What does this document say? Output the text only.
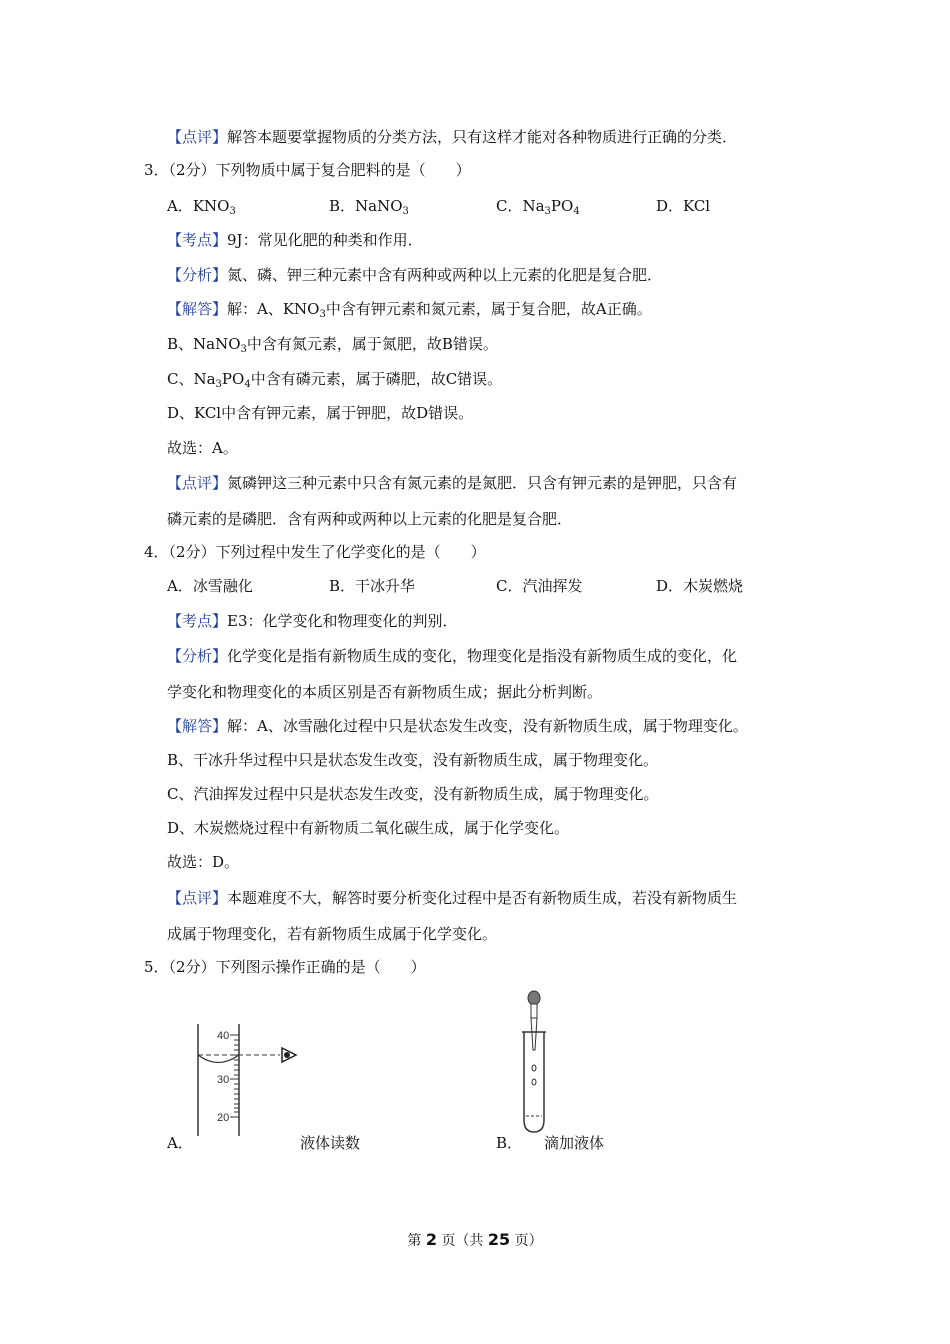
【点评】解答本题要掌握物质的分类方法，只有这样才能对各种物质进行正确的分类．
3．（2分）下列物质中属于复合肥料的是（　　）
A．$KNO_3$	B．NaNO$_3$	C．$Na_3PO_4$	D．KCl
【考点】9J：常见化肥的种类和作用．
【分析】氮、磷、钾三种元素中含有两种或两种以上元素的化肥是复合肥．
【解答】解：A、$KNO_3$中含有钾元素和氮元素，属于复合肥，故A正确。
B、NaNO$_3$中含有氮元素，属于氮肥，故B错误。
C、$Na_3PO_4$中含有磷元素，属于磷肥，故C错误。
D、KCl中含有钾元素，属于钾肥，故D错误。
故选：A。
【点评】氮磷钾这三种元素中只含有氮元素的是氮肥．只含有钾元素的是钾肥，只含有
磷元素的是磷肥．含有两种或两种以上元素的化肥是复合肥．
4．（2分）下列过程中发生了化学变化的是（　　）
A．冰雪融化	B．干冰升华	C．汽油挥发	D．木炭燃烧
【考点】E3：化学变化和物理变化的判别．
【分析】化学变化是指有新物质生成的变化，物理变化是指没有新物质生成的变化，化
学变化和物理变化的本质区别是否有新物质生成；据此分析判断。
【解答】解：A、冰雪融化过程中只是状态发生改变，没有新物质生成，属于物理变化。
B、干冰升华过程中只是状态发生改变，没有新物质生成，属于物理变化。
C、汽油挥发过程中只是状态发生改变，没有新物质生成，属于物理变化。
D、木炭燃烧过程中有新物质二氧化碳生成，属于化学变化。
故选：D。
【点评】本题难度不大，解答时要分析变化过程中是否有新物质生成，若没有新物质生
成属于物理变化，若有新物质生成属于化学变化。
5．（2分）下列图示操作正确的是（　　）
40
30
20
A．	液体读数	B． 滴加液体
第 2 页（共 25 页）
